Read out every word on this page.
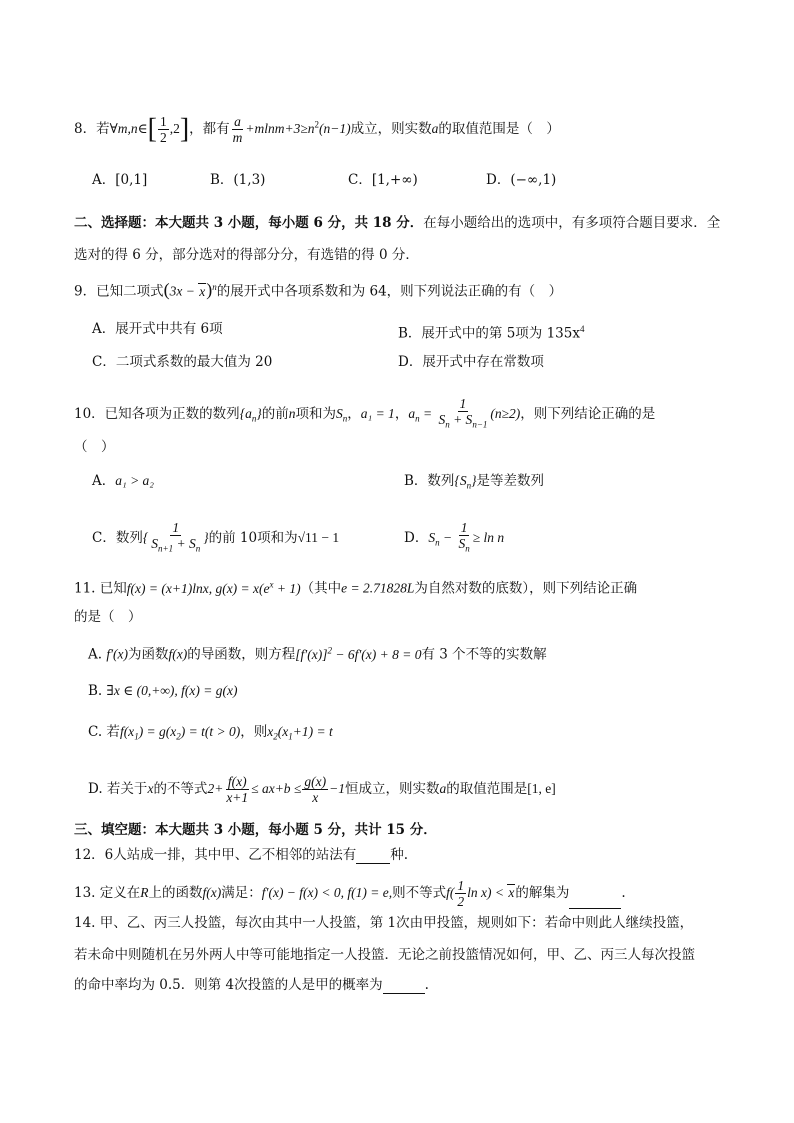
8．若∀m,n∈[ $\frac{1}{2} ,2$]，都有 $\frac{a}{m} +mlnm+3\ge n^2(n-1)$成立，则实数a的取值范围是（　）
A．[0,1]	B．(1,3)	C．[1,+∞)	D．(−∞,1)
二、选择题：本大题共 3 小题，每小题 6 分，共 18 分．在每小题给出的选项中，有多项符合题目要求．全
选对的得 6 分，部分选对的得部分分，有选错的得 0 分．
9．已知二项式$(3x - x)^n$的展开式中各项系数和为 64，则下列说法正确的有（　）
A．展开式中共有 6项	B．展开式中的第 5项为 $135x^4$
C．二项式系数的最大值为 20	D．展开式中存在常数项
10．已知各项为正数的数列$\{a_n\}$的前n项和为$S_n$，a₁ = 1，$a_n = \frac{1}{S_n + S_{n-1}} (n\ge 2)$，则下列结论正确的是
（　）
A．a₁ > a₂	B．数列$\{S_n\}$是等差数列
C．数列{ $\frac{1}{S_{n+1} + S_n}$ }的前 10项和为√11 − 1	D．$S_n - \frac{1}{S_n} \ge \ln n$
11. 已知f(x) = (x+1)lnx, $g(x) = x(e^x + 1)$（其中e = 2.71828L为自然对数的底数），则下列结论正确
的是（　）
A. f′(x)为函数f(x)的导函数，则方程$[f'(x)]^2 - 6f'(x) + 8 = 0$有 3 个不等的实数解
B. ∃x ∈ (0,+∞), f(x) = g(x)
C. 若$f(x_1) = g(x_2) = t(t > 0)$，则$x_2(x_1+1) = t$
D. 若关于x的不等式$2+ \frac{f(x)}{x+1} \le ax+b \le \frac{g(x)}{x} -1$恒成立，则实数a的取值范围是[1, e]
三、填空题：本大题共 3 小题，每小题 5 分，共计 15 分．
12．6人站成一排，其中甲、乙不相邻的站法有	种.
13. 定义在R上的函数f(x)满足：f′(x) − f(x) < 0, f(1) = e,则不等式$f( \frac{1}{2}$ ln x) < x的解集为	.
14. 甲、乙、丙三人投篮，每次由其中一人投篮，第 1次由甲投篮，规则如下：若命中则此人继续投篮，
若未命中则随机在另外两人中等可能地指定一人投篮．无论之前投篮情况如何，甲、乙、丙三人每次投篮
的命中率均为 0.5．则第 4次投篮的人是甲的概率为	.
